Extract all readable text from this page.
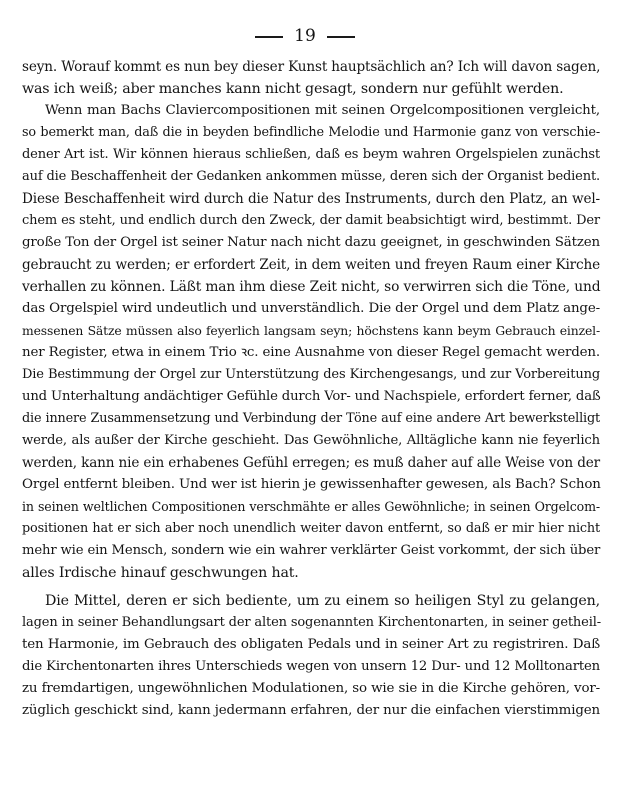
19
seyn. Worauf kommt es nun bey dieser Kunst hauptsächlich an? Ich will davon sagen,
was ich weiß; aber manches kann nicht gesagt, sondern nur gefühlt werden.
Wenn man Bachs Claviercompositionen mit seinen Orgelcompositionen vergleicht,
so bemerkt man, daß die in beyden befindliche Melodie und Harmonie ganz von verschie-
dener Art ist. Wir können hieraus schließen, daß es beym wahren Orgelspielen zunächst
auf die Beschaffenheit der Gedanken ankommen müsse, deren sich der Organist bedient.
Diese Beschaffenheit wird durch die Natur des Instruments, durch den Platz, an wel-
chem es steht, und endlich durch den Zweck, der damit beabsichtigt wird, bestimmt. Der
große Ton der Orgel ist seiner Natur nach nicht dazu geeignet, in geschwinden Sätzen
gebraucht zu werden; er erfordert Zeit, in dem weiten und freyen Raum einer Kirche
verhallen zu können. Läßt man ihm diese Zeit nicht, so verwirren sich die Töne, und
das Orgelspiel wird undeutlich und unverständlich. Die der Orgel und dem Platz ange-
messenen Sätze müssen also feyerlich langsam seyn; höchstens kann beym Gebrauch einzel-
ner Register, etwa in einem Trio ꝛc. eine Ausnahme von dieser Regel gemacht werden.
Die Bestimmung der Orgel zur Unterstützung des Kirchengesangs, und zur Vorbereitung
und Unterhaltung andächtiger Gefühle durch Vor- und Nachspiele, erfordert ferner, daß
die innere Zusammensetzung und Verbindung der Töne auf eine andere Art bewerkstelligt
werde, als außer der Kirche geschieht. Das Gewöhnliche, Alltägliche kann nie feyerlich
werden, kann nie ein erhabenes Gefühl erregen; es muß daher auf alle Weise von der
Orgel entfernt bleiben. Und wer ist hierin je gewissenhafter gewesen, als Bach? Schon
in seinen weltlichen Compositionen verschmähte er alles Gewöhnliche; in seinen Orgelcom-
positionen hat er sich aber noch unendlich weiter davon entfernt, so daß er mir hier nicht
mehr wie ein Mensch, sondern wie ein wahrer verklärter Geist vorkommt, der sich über
alles Irdische hinauf geschwungen hat.
Die Mittel, deren er sich bediente, um zu einem so heiligen Styl zu gelangen,
lagen in seiner Behandlungsart der alten sogenannten Kirchentonarten, in seiner getheil-
ten Harmonie, im Gebrauch des obligaten Pedals und in seiner Art zu registriren. Daß
die Kirchentonarten ihres Unterschieds wegen von unsern 12 Dur- und 12 Molltonarten
zu fremdartigen, ungewöhnlichen Modulationen, so wie sie in die Kirche gehören, vor-
züglich geschickt sind, kann jedermann erfahren, der nur die einfachen vierstimmigen
